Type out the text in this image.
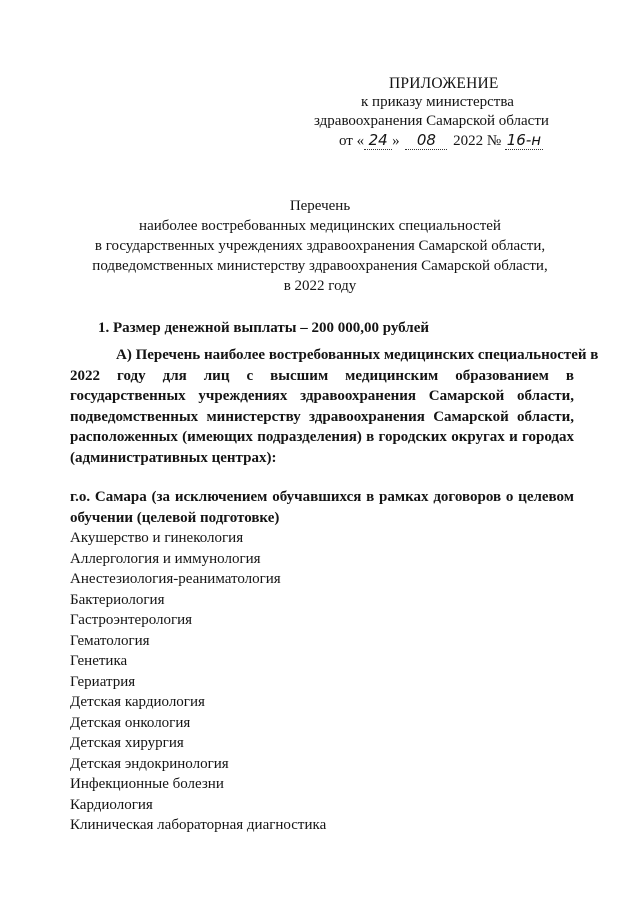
ПРИЛОЖЕНИЕ
к приказу министерства
здравоохранения Самарской области
от « 24 » 08 2022 № 16-н
Перечень
наиболее востребованных медицинских специальностей
в государственных учреждениях здравоохранения Самарской области,
подведомственных министерству здравоохранения Самарской области,
в 2022 году
1. Размер денежной выплаты – 200 000,00 рублей
А) Перечень наиболее востребованных медицинских специальностей в
2022 году для лиц с высшим медицинским образованием в
государственных учреждениях здравоохранения Самарской области,
подведомственных министерству здравоохранения Самарской области,
расположенных (имеющих подразделения) в городских округах и городах
(административных центрах):
г.о. Самара (за исключением обучавшихся в рамках договоров о целевом
обучении (целевой подготовке)
Акушерство и гинекология
Аллергология и иммунология
Анестезиология-реаниматология
Бактериология
Гастроэнтерология
Гематология
Генетика
Гериатрия
Детская кардиология
Детская онкология
Детская хирургия
Детская эндокринология
Инфекционные болезни
Кардиология
Клиническая лабораторная диагностика
